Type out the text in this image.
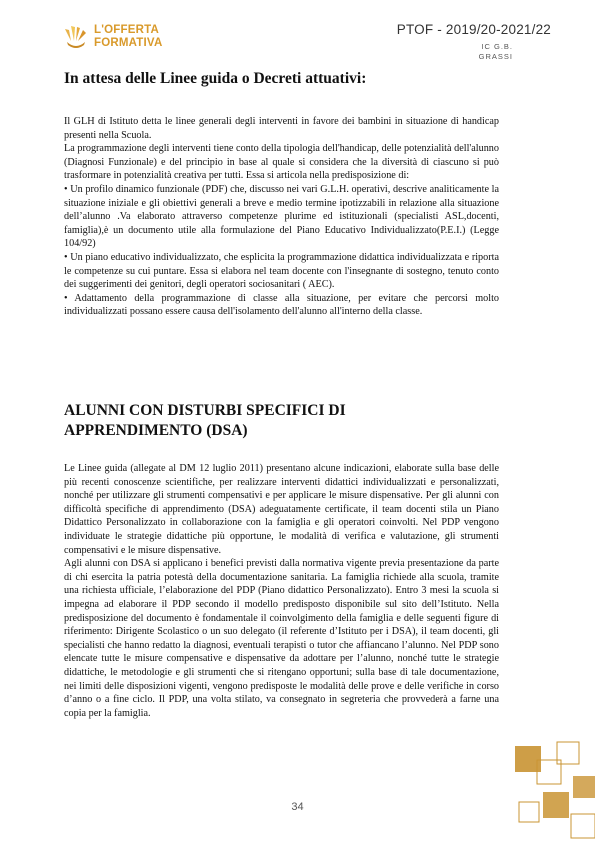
L'OFFERTA
FORMATIVA
PTOF - 2019/20-2021/22
IC G.B.
GRASSI
In attesa delle Linee guida o Decreti attuativi:

Il GLH di Istituto detta le linee generali degli interventi in favore dei bambini in situazione di handicap presenti nella Scuola.

La programmazione degli interventi tiene conto della tipologia dell'handicap, delle potenzialità dell'alunno (Diagnosi Funzionale) e del principio in base al quale si considera che la diversità di ciascuno si può trasformare in potenzialità creativa per tutti. Essa si articola nella predisposizione di:

• Un profilo dinamico funzionale (PDF) che, discusso nei vari G.L.H. operativi, descrive analiticamente la situazione iniziale e gli obiettivi generali a breve e medio termine ipotizzabili in relazione alla situazione dell’alunno .Va elaborato attraverso competenze plurime ed istituzionali (specialisti ASL,docenti, famiglia),è un documento utile alla formulazione del Piano Educativo Individualizzato(P.E.I.) (Legge 104/92)

• Un piano educativo individualizzato, che esplicita la programmazione didattica individualizzata e riporta le competenze su cui puntare. Essa si elabora nel team docente con l'insegnante di sostegno, tenuto conto dei suggerimenti dei genitori, degli operatori sociosanitari ( AEC).

• Adattamento della programmazione di classe alla situazione, per evitare che percorsi molto individualizzati possano essere causa dell'isolamento dell'alunno all'interno della classe.

ALUNNI CON DISTURBI SPECIFICI DI APPRENDIMENTO (DSA)

Le Linee guida (allegate al DM 12 luglio 2011) presentano alcune indicazioni, elaborate sulla base delle più recenti conoscenze scientifiche, per realizzare interventi didattici individualizzati e personalizzati, nonché per utilizzare gli strumenti compensativi e per applicare le misure dispensative. Per gli alunni con difficoltà specifiche di apprendimento (DSA) adeguatamente certificate, il team docenti stila un Piano Didattico Personalizzato in collaborazione con la famiglia e gli operatori coinvolti. Nel PDP vengono individuate le strategie didattiche più opportune, le modalità di verifica e valutazione, gli strumenti compensativi e le misure dispensative.

Agli alunni con DSA si applicano i benefici previsti dalla normativa vigente previa presentazione da parte di chi esercita la patria potestà della documentazione sanitaria. La famiglia richiede alla scuola, tramite una richiesta ufficiale, l’elaborazione del PDP (Piano didattico Personalizzato). Entro 3 mesi la scuola si impegna ad elaborare il PDP secondo il modello predisposto disponibile sul sito dell’Istituto. Nella predisposizione del documento è fondamentale il coinvolgimento della famiglia e delle seguenti figure di riferimento: Dirigente Scolastico o un suo delegato (il referente d’Istituto per i DSA), il team docenti, gli specialisti che hanno redatto la diagnosi, eventuali terapisti o tutor che affiancano l’alunno. Nel PDP sono elencate tutte le misure compensative e dispensative da adottare per l’alunno, nonché tutte le strategie didattiche, le metodologie e gli strumenti che si ritengano opportuni; sulla base di tale documentazione, nei limiti delle disposizioni vigenti, vengono predisposte le modalità delle prove e delle verifiche in corso d’anno o a fine ciclo. Il PDP, una volta stilato, va consegnato in segreteria che provvederà a farne una copia per la famiglia.

34
